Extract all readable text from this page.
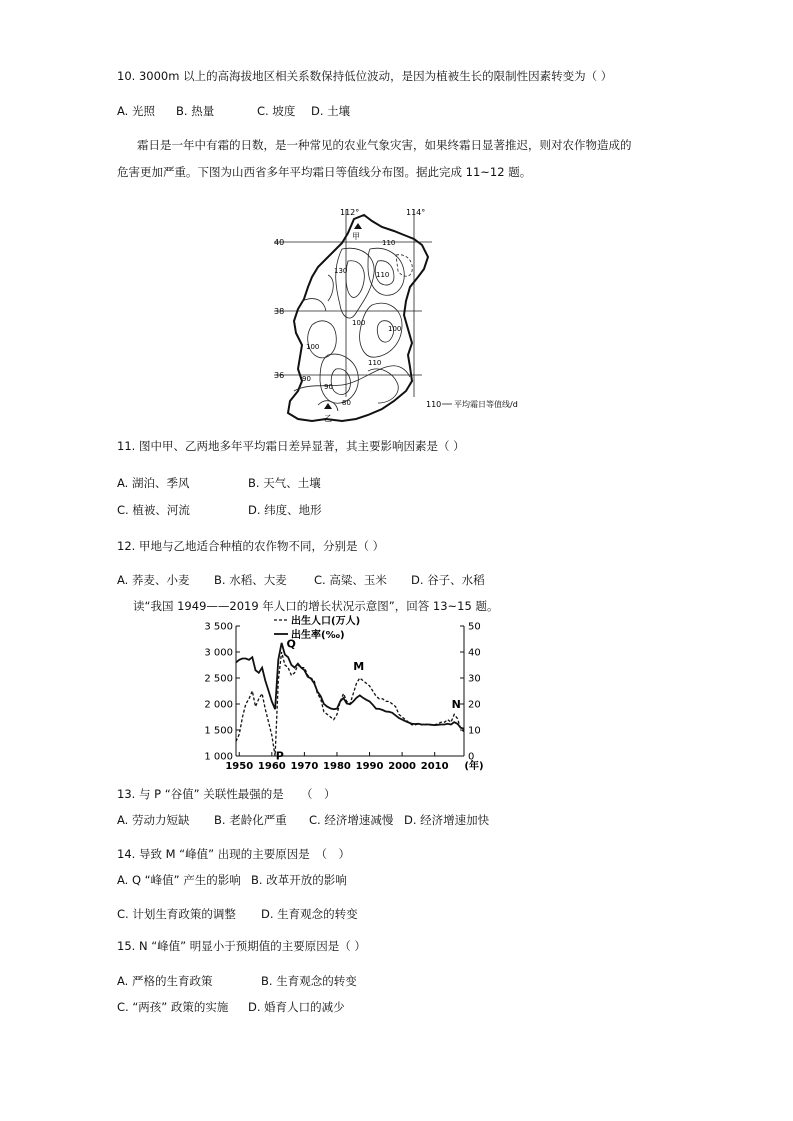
10. 3000m 以上的高海拔地区相关系数保持低位波动，是因为植被生长的限制性因素转变为（ ）
A. 光照 B. 热量	C. 坡度 D. 土壤
霜日是一年中有霜的日数，是一种常见的农业气象灾害，如果终霜日显著推迟，则对农作物造成的
危害更加严重。下图为山西省多年平均霜日等值线分布图。据此完成 11~12 题。
112°	114°
40
38
36
110
130	110
100
100
110
100
80
90
90
甲
乙
110 平均霜日等值线/d
11. 图中甲、乙两地多年平均霜日差异显著，其主要影响因素是（ ）
A. 湖泊、季风	B. 天气、土壤
C. 植被、河流	D. 纬度、地形
12. 甲地与乙地适合种植的农作物不同，分别是（ ）
A. 荞麦、小麦 B. 水稻、大麦 C. 高粱、玉米 D. 谷子、水稻
读“我国 1949——2019 年人口的增长状况示意图”，回答 13~15 题。
3 500
3 000
2 500
2 000
1 500
1 000
50
40
30
20
10
0
1950 1960 1970 1980 1990 2000 2010 (年)
出生人口(万人)
出生率(‰)
Q
M
N
P
13. 与 P “谷值” 关联性最强的是　　（　）
A. 劳动力短缺 B. 老龄化严重 C. 经济增速减慢 D. 经济增速加快
14. 导致 M “峰值” 出现的主要原因是　（　）
A. Q “峰值” 产生的影响 B. 改革开放的影响
C. 计划生育政策的调整 D. 生育观念的转变
15. N “峰值” 明显小于预期值的主要原因是（ ）
A. 严格的生育政策	B. 生育观念的转变
C. “两孩” 政策的实施 D. 婚育人口的减少
